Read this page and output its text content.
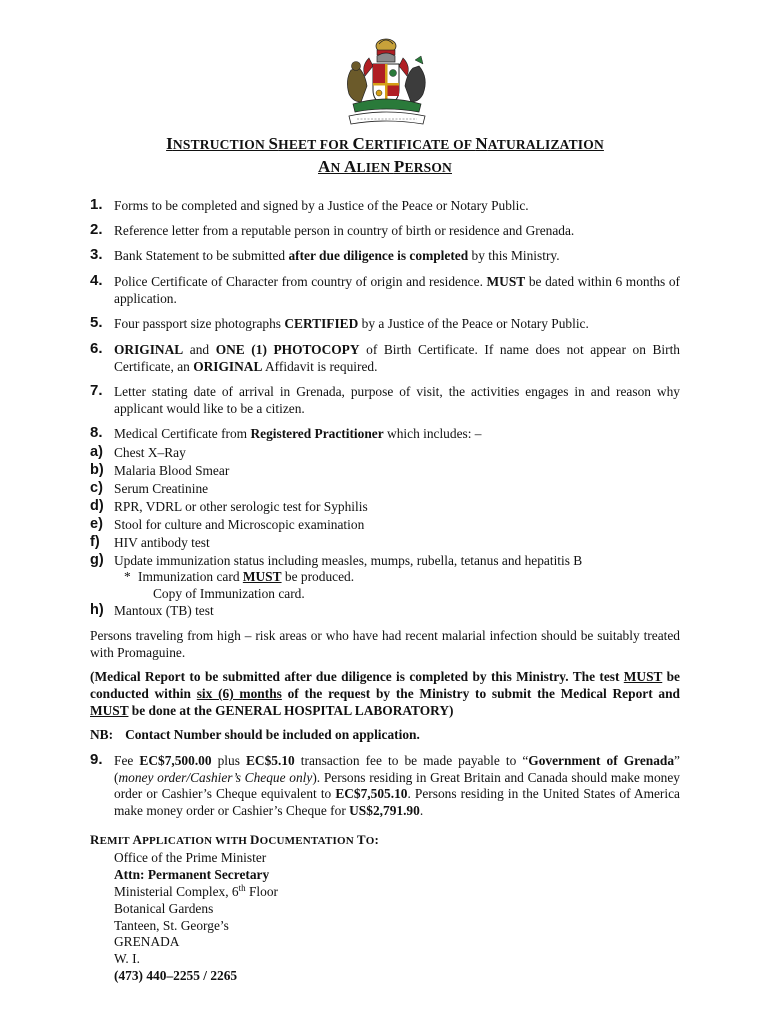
INSTRUCTION SHEET FOR CERTIFICATE OF NATURALIZATION
AN ALIEN PERSON
1. Forms to be completed and signed by a Justice of the Peace or Notary Public.
2. Reference letter from a reputable person in country of birth or residence and Grenada.
3. Bank Statement to be submitted after due diligence is completed by this Ministry.
4. Police Certificate of Character from country of origin and residence. MUST be dated within 6 months of application.
5. Four passport size photographs CERTIFIED by a Justice of the Peace or Notary Public.
6. ORIGINAL and ONE (1) PHOTOCOPY of Birth Certificate. If name does not appear on Birth Certificate, an ORIGINAL Affidavit is required.
7. Letter stating date of arrival in Grenada, purpose of visit, the activities engages in and reason why applicant would like to be a citizen.
8. Medical Certificate from Registered Practitioner which includes: –
a) Chest X–Ray
b) Malaria Blood Smear
c) Serum Creatinine
d) RPR, VDRL or other serologic test for Syphilis
e) Stool for culture and Microscopic examination
f) HIV antibody test
g) Update immunization status including measles, mumps, rubella, tetanus and hepatitis B
* Immunization card MUST be produced.
Copy of Immunization card.
h) Mantoux (TB) test
Persons traveling from high – risk areas or who have had recent malarial infection should be suitably treated with Promaguine.
(Medical Report to be submitted after due diligence is completed by this Ministry. The test MUST be conducted within six (6) months of the request by the Ministry to submit the Medical Report and MUST be done at the GENERAL HOSPITAL LABORATORY)
NB: Contact Number should be included on application.
9. Fee EC$7,500.00 plus EC$5.10 transaction fee to be made payable to “Government of Grenada” (money order/Cashier’s Cheque only). Persons residing in Great Britain and Canada should make money order or Cashier’s Cheque equivalent to EC$7,505.10. Persons residing in the United States of America make money order or Cashier’s Cheque for US$2,791.90.
REMIT APPLICATION WITH DOCUMENTATION TO:
Office of the Prime Minister
Attn: Permanent Secretary
Ministerial Complex, 6th Floor
Botanical Gardens
Tanteen, St. George’s
GRENADA
W. I.
(473) 440–2255 / 2265
